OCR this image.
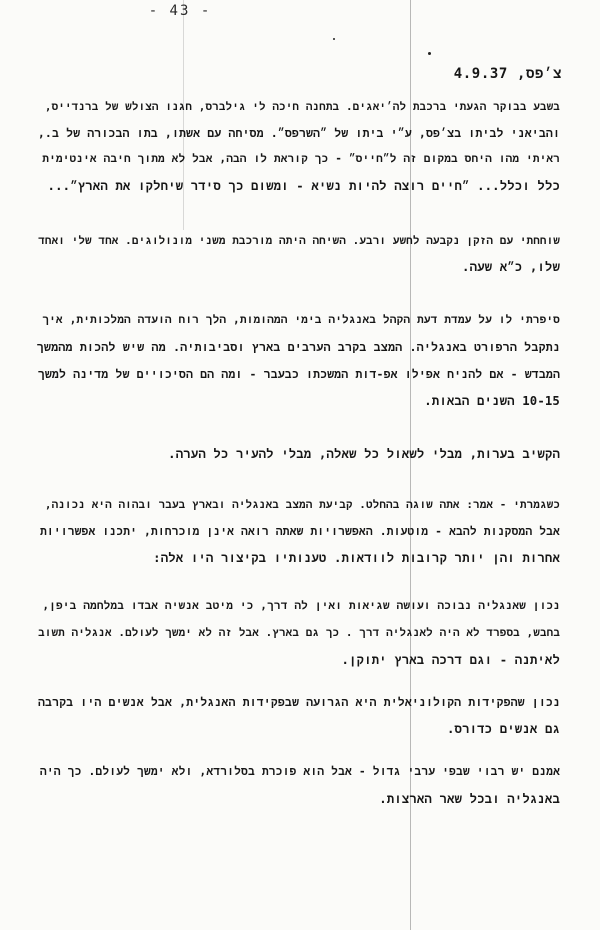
- 43 -
צ׳פס, 4.9.37
בשבע בבוקר הגעתי ברכבת לה׳יאגים. בתחנה חיכה לי גילברס, חגנו הצולש של ברנדייס,
והביאני לביתו בצ׳פס, ע״י ביתו של ״השרפס״. מסיחה עם אשתו, בתו הבכורה של ב.,
ראיתי מהו היחס במקום זה ל״חייס״ - כך קוראת לו הבה, אבל לא מתוך חיבה אינטימית
כלל וכלל... ״חיים רוצה להיות נשיא - ומשום כך סידר שיחלקו את הארץ״...
שוחחתי עם הזקן נקבעה לחשע ורבע. השיחה היתה מורכבת משני מונולוגים. אחד שלי ואחד
שלו, כ״א שעה.
סיפרתי לו על עמדת דעת הקהל באנגליה בימי המהומות, הלך רוח הועדה המלכותית, איך
נתקבל הרפורט באנגליה. המצב בקרב הערבים בארץ וסביבותיה. מה שיש להכות מהמשך
המבדש - אם להניח אפילו אפ-דות המשכתו כבעבר - ומה הם הסיכויים של מדינה למשך
10-15 השנים הבאות.
הקשיב בערות, מבלי לשאול כל שאלה, מבלי להעיר כל הערה.
כשגמרתי - אמר: אתה שוגה בהחלט. קביעת המצב באנגליה ובארץ בעבר ובהוה היא נכונה,
אבל המסקנות להבא - מוטעות. האפשרויות שאתה רואה אינן מוכרחות, יתכנו אפשרויות
אחרות והן יותר קרובות לוודאות. טענותיו בקיצור היו אלה:
נכון שאנגליה נבוכה ועושה שגיאות ואין לה דרך, כי מיטב אנשיה אבדו במלחמה ביפן,
בחבש, בספרד לא היה לאנגליה דרך . כך גם בארץ. אבל זה לא ימשך לעולם. אנגליה תשוב
לאיתנה - וגם דרכה בארץ יתוקן.
נכון שהפקידות הקולוניאלית היא הגרועה שבפקידות האנגלית, אבל אנשים היו בקרבה
גם אנשים כדורס.
אמנם יש רבוי שבפי ערבי גדול - אבל הוא פוכרת בסלורדא, ולא ימשך לעולם. כך היה
באנגליה ובכל שאר הארצות.
